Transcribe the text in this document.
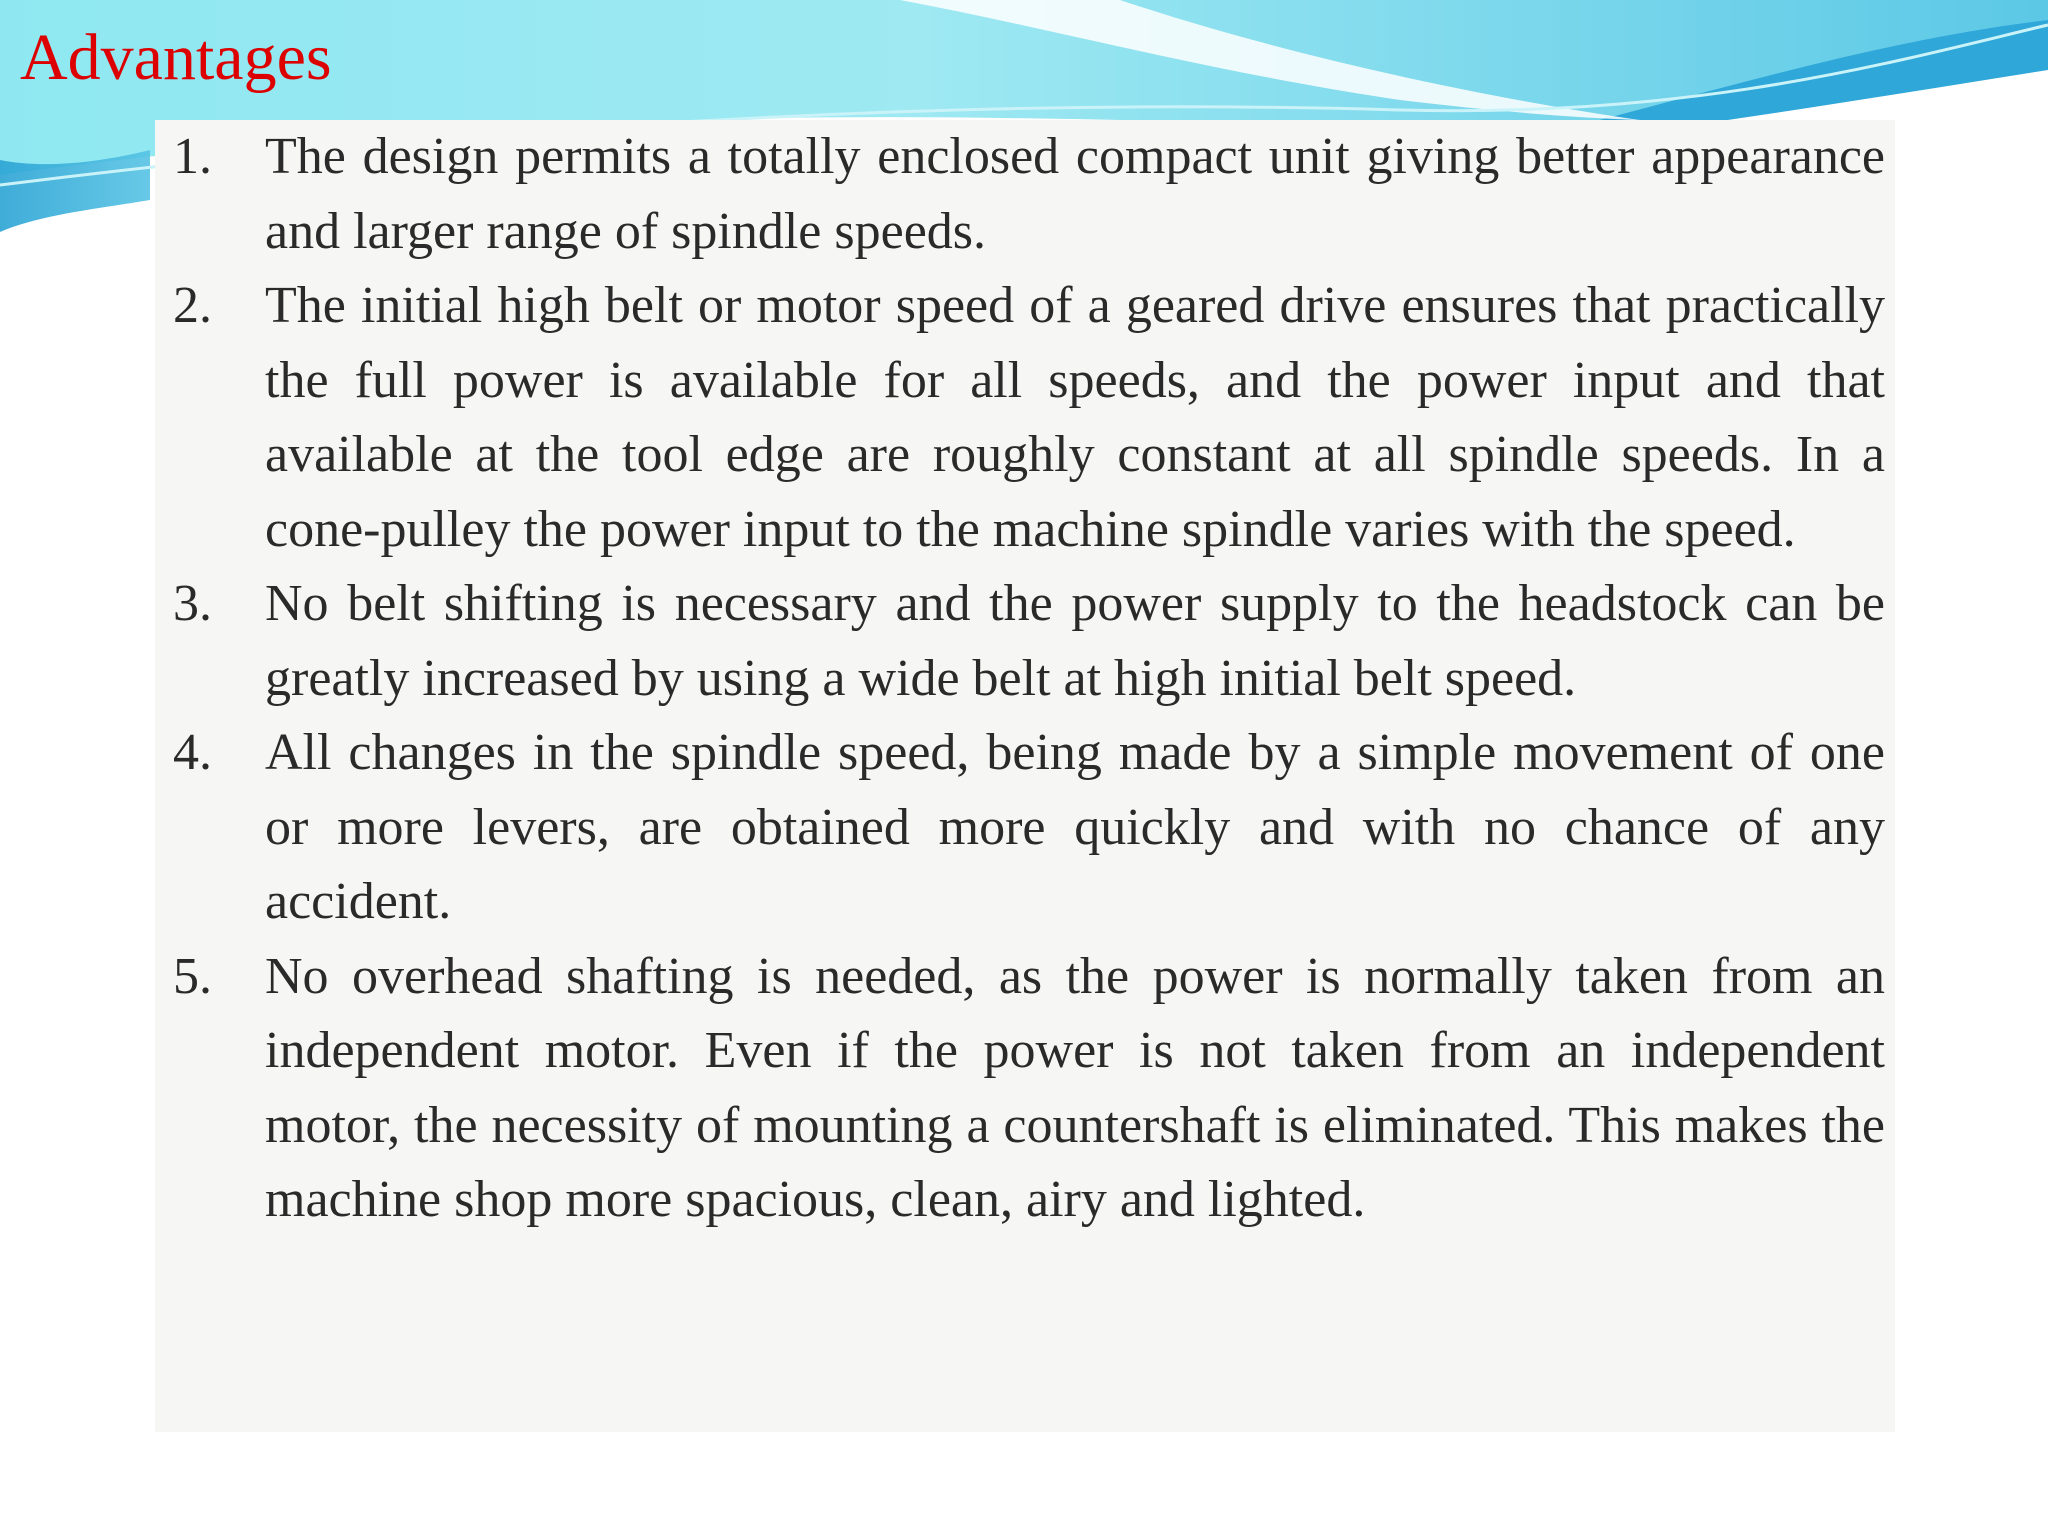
Advantages
1.	The design permits a totally enclosed compact unit giving better appearance and larger range of spindle speeds.
2.	The initial high belt or motor speed of a geared drive ensures that practically the full power is available for all speeds, and the power input and that available at the tool edge are roughly constant at all spindle speeds. In a cone-pulley the power input to the machine spindle varies with the speed.
3.	No belt shifting is necessary and the power supply to the headstock can be greatly increased by using a wide belt at high initial belt speed.
4.	All changes in the spindle speed, being made by a simple movement of one or more levers, are obtained more quickly and with no chance of any accident.
5.	No overhead shafting is needed, as the power is normally taken from an independent motor. Even if the power is not taken from an independent motor, the necessity of mounting a countershaft is eliminated. This makes the machine shop more spacious, clean, airy and lighted.
